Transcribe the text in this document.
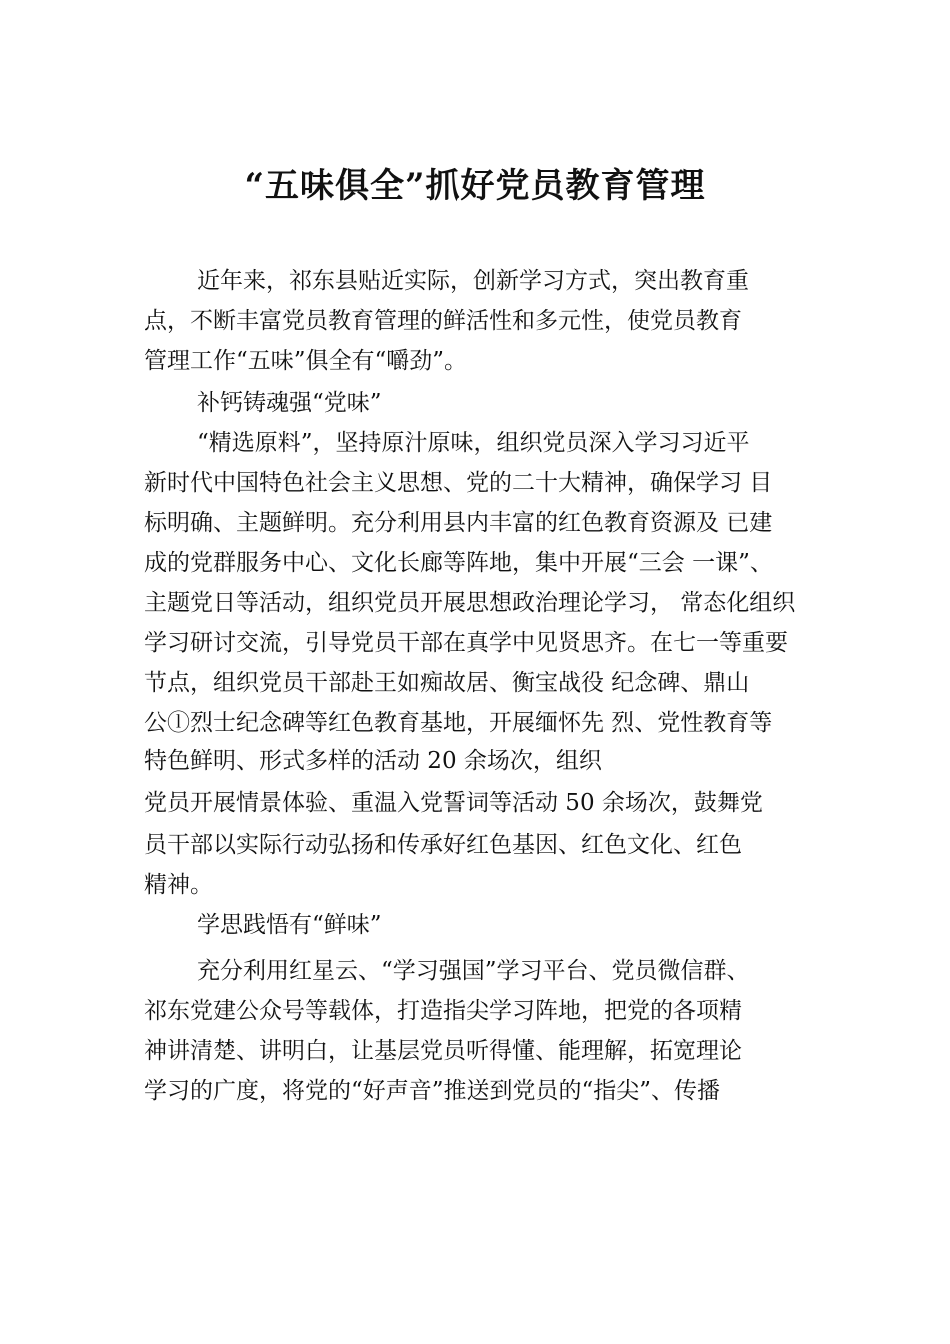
“五味俱全”抓好党员教育管理

近年来，祁东县贴近实际，创新学习方式，突出教育重

点，不断丰富党员教育管理的鲜活性和多元性，使党员教育

管理工作“五味”俱全有“嚼劲”。

补钙铸魂强“党味”

“精选原料”，坚持原汁原味，组织党员深入学习习近平

新时代中国特色社会主义思想、党的二十大精神，确保学习 目

标明确、主题鲜明。充分利用县内丰富的红色教育资源及 已建

成的党群服务中心、文化长廊等阵地，集中开展“三会 一课”、

主题党日等活动，组织党员开展思想政治理论学习， 常态化组织

学习研讨交流，引导党员干部在真学中见贤思齐。在七一等重要

节点，组织党员干部赴王如痴故居、衡宝战役 纪念碑、鼎山

公ⓛ烈士纪念碑等红色教育基地，开展缅怀先 烈、党性教育等

特色鲜明、形式多样的活动 20 余场次，组织

党员开展情景体验、重温入党誓词等活动 50 余场次，鼓舞党

员干部以实际行动弘扬和传承好红色基因、红色文化、红色

精神。

学思践悟有“鲜味”

充分利用红星云、“学习强国”学习平台、党员微信群、

祁东党建公众号等载体，打造指尖学习阵地，把党的各项精

神讲清楚、讲明白，让基层党员听得懂、能理解，拓宽理论

学习的广度，将党的“好声音”推送到党员的“指尖”、传播
